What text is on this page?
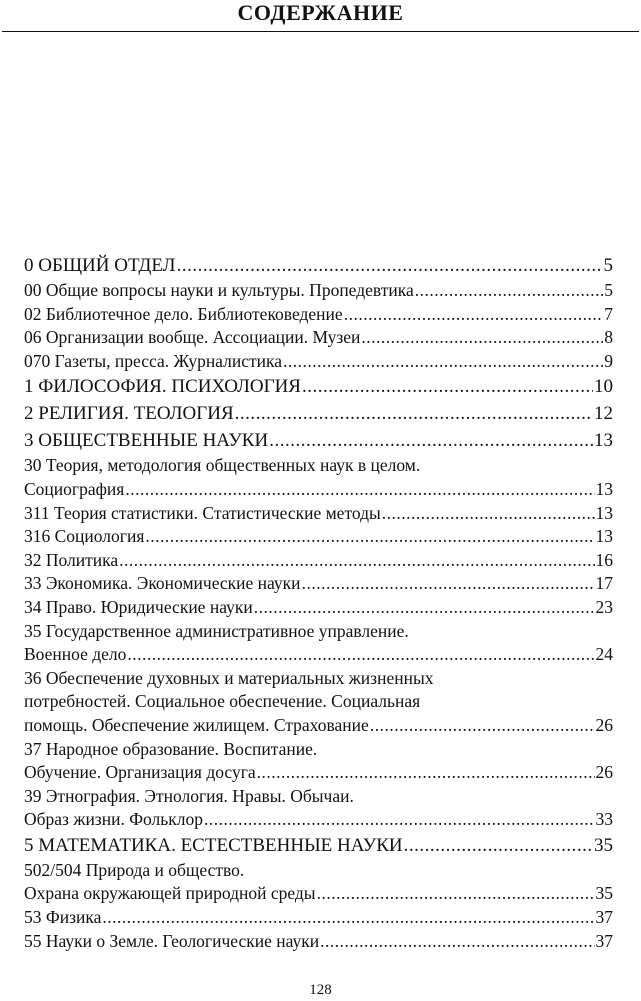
СОДЕРЖАНИЕ
0 ОБЩИЙ ОТДЕЛ .....	5
00 Общие вопросы науки и культуры. Пропедевтика .....	5
02 Библиотечное дело. Библиотековедение .....	7
06 Организации вообще. Ассоциации. Музеи .....	8
070 Газеты, пресса. Журналистика .....	9
1 ФИЛОСОФИЯ. ПСИХОЛОГИЯ .....	10
2 РЕЛИГИЯ. ТЕОЛОГИЯ .....	12
3 ОБЩЕСТВЕННЫЕ НАУКИ .....	13
30 Теория, методология общественных наук в целом.
Социография .....	13
311 Теория статистики. Статистические методы .....	13
316 Социология .....	13
32 Политика .....	16
33 Экономика. Экономические науки .....	17
34 Право. Юридические науки .....	23
35 Государственное административное управление.
Военное дело .....	24
36 Обеспечение духовных и материальных жизненных
потребностей. Социальное обеспечение. Социальная
помощь. Обеспечение жилищем. Страхование .....	26
37 Народное образование. Воспитание.
Обучение. Организация досуга .....	26
39 Этнография. Этнология. Нравы. Обычаи.
Образ жизни. Фольклор .....	33
5 МАТЕМАТИКА. ЕСТЕСТВЕННЫЕ НАУКИ .....	35
502/504 Природа и общество.
Охрана окружающей природной среды .....	35
53 Физика .....	37
55 Науки о Земле. Геологические науки .....	37
128
